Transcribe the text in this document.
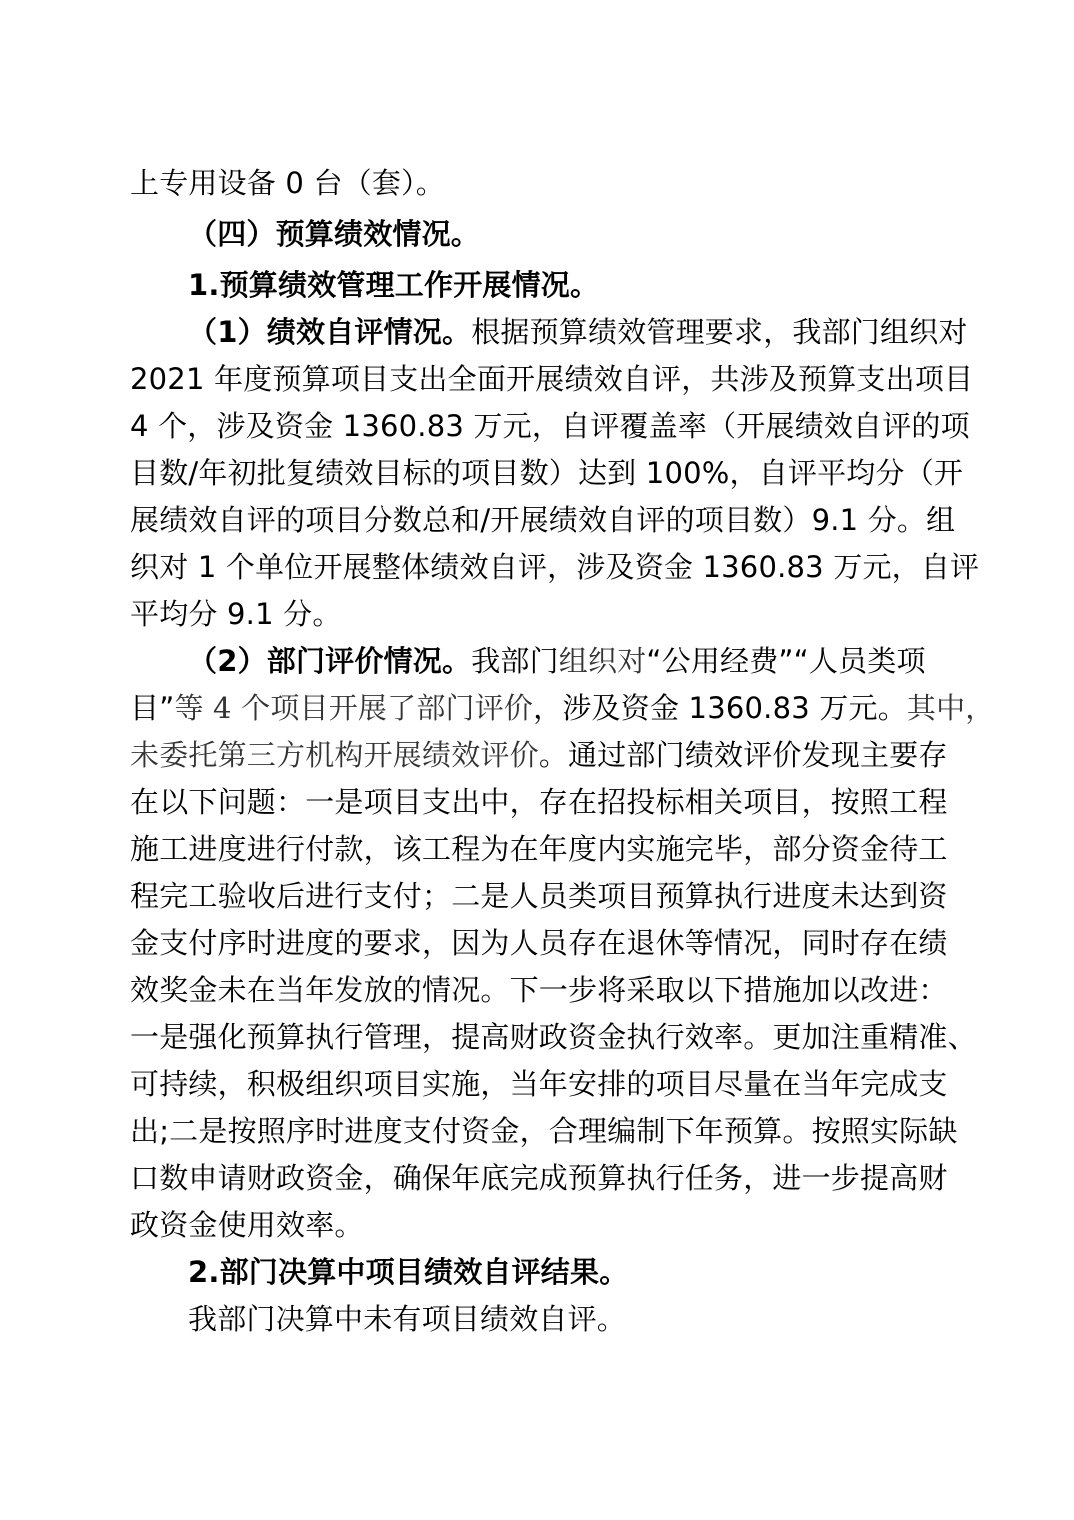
上专用设备 0 台（套）。
（四）预算绩效情况。
1.预算绩效管理工作开展情况。
（1）绩效自评情况。根据预算绩效管理要求，我部门组织对
2021 年度预算项目支出全面开展绩效自评，共涉及预算支出项目
4 个，涉及资金 1360.83 万元，自评覆盖率（开展绩效自评的项
目数/年初批复绩效目标的项目数）达到 100%，自评平均分（开
展绩效自评的项目分数总和/开展绩效自评的项目数）9.1 分。组
织对 1 个单位开展整体绩效自评，涉及资金 1360.83 万元，自评
平均分 9.1 分。
（2）部门评价情况。我部门组织对“公用经费”“人员类项
目”等 4 个项目开展了部门评价，涉及资金 1360.83 万元。其中，
未委托第三方机构开展绩效评价。通过部门绩效评价发现主要存
在以下问题：一是项目支出中，存在招投标相关项目，按照工程
施工进度进行付款，该工程为在年度内实施完毕，部分资金待工
程完工验收后进行支付；二是人员类项目预算执行进度未达到资
金支付序时进度的要求，因为人员存在退休等情况，同时存在绩
效奖金未在当年发放的情况。下一步将采取以下措施加以改进：
一是强化预算执行管理，提高财政资金执行效率。更加注重精准、
可持续，积极组织项目实施，当年安排的项目尽量在当年完成支
出;二是按照序时进度支付资金，合理编制下年预算。按照实际缺
口数申请财政资金，确保年底完成预算执行任务，进一步提高财
政资金使用效率。
2.部门决算中项目绩效自评结果。
我部门决算中未有项目绩效自评。
